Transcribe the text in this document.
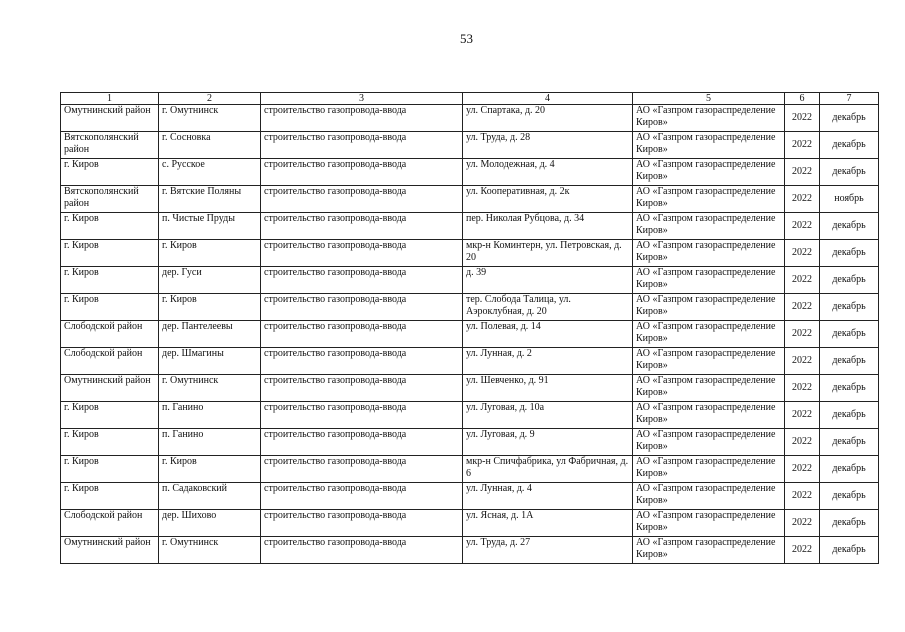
53
1	2	3	4	5	6	7
Омутнинский район	г. Омутнинск	строительство газопровода-ввода	ул. Спартака, д. 20	АО «Газпром газораспределение Киров»	2022	декабрь
Вятскополянский район	г. Сосновка	строительство газопровода-ввода	ул. Труда, д. 28	АО «Газпром газораспределение Киров»	2022	декабрь
г. Киров	с. Русское	строительство газопровода-ввода	ул. Молодежная, д. 4	АО «Газпром газораспределение Киров»	2022	декабрь
Вятскополянский район	г. Вятские Поляны	строительство газопровода-ввода	ул. Кооперативная, д. 2к	АО «Газпром газораспределение Киров»	2022	ноябрь
г. Киров	п. Чистые Пруды	строительство газопровода-ввода	пер. Николая Рубцова, д. 34	АО «Газпром газораспределение Киров»	2022	декабрь
г. Киров	г. Киров	строительство газопровода-ввода	мкр-н Коминтерн, ул. Петровская, д. 20	АО «Газпром газораспределение Киров»	2022	декабрь
г. Киров	дер. Гуси	строительство газопровода-ввода	д. 39	АО «Газпром газораспределение Киров»	2022	декабрь
г. Киров	г. Киров	строительство газопровода-ввода	тер. Слобода Талица, ул. Аэроклубная, д. 20	АО «Газпром газораспределение Киров»	2022	декабрь
Слободской район	дер. Пантелеевы	строительство газопровода-ввода	ул. Полевая, д. 14	АО «Газпром газораспределение Киров»	2022	декабрь
Слободской район	дер. Шмагины	строительство газопровода-ввода	ул. Лунная, д. 2	АО «Газпром газораспределение Киров»	2022	декабрь
Омутнинский район	г. Омутнинск	строительство газопровода-ввода	ул. Шевченко, д. 91	АО «Газпром газораспределение Киров»	2022	декабрь
г. Киров	п. Ганино	строительство газопровода-ввода	ул. Луговая, д. 10а	АО «Газпром газораспределение Киров»	2022	декабрь
г. Киров	п. Ганино	строительство газопровода-ввода	ул. Луговая, д. 9	АО «Газпром газораспределение Киров»	2022	декабрь
г. Киров	г. Киров	строительство газопровода-ввода	мкр-н Спичфабрика, ул Фабричная, д. 6	АО «Газпром газораспределение Киров»	2022	декабрь
г. Киров	п. Садаковский	строительство газопровода-ввода	ул. Лунная, д. 4	АО «Газпром газораспределение Киров»	2022	декабрь
Слободской район	дер. Шихово	строительство газопровода-ввода	ул. Ясная, д. 1А	АО «Газпром газораспределение Киров»	2022	декабрь
Омутнинский район	г. Омутнинск	строительство газопровода-ввода	ул. Труда, д. 27	АО «Газпром газораспределение Киров»	2022	декабрь
